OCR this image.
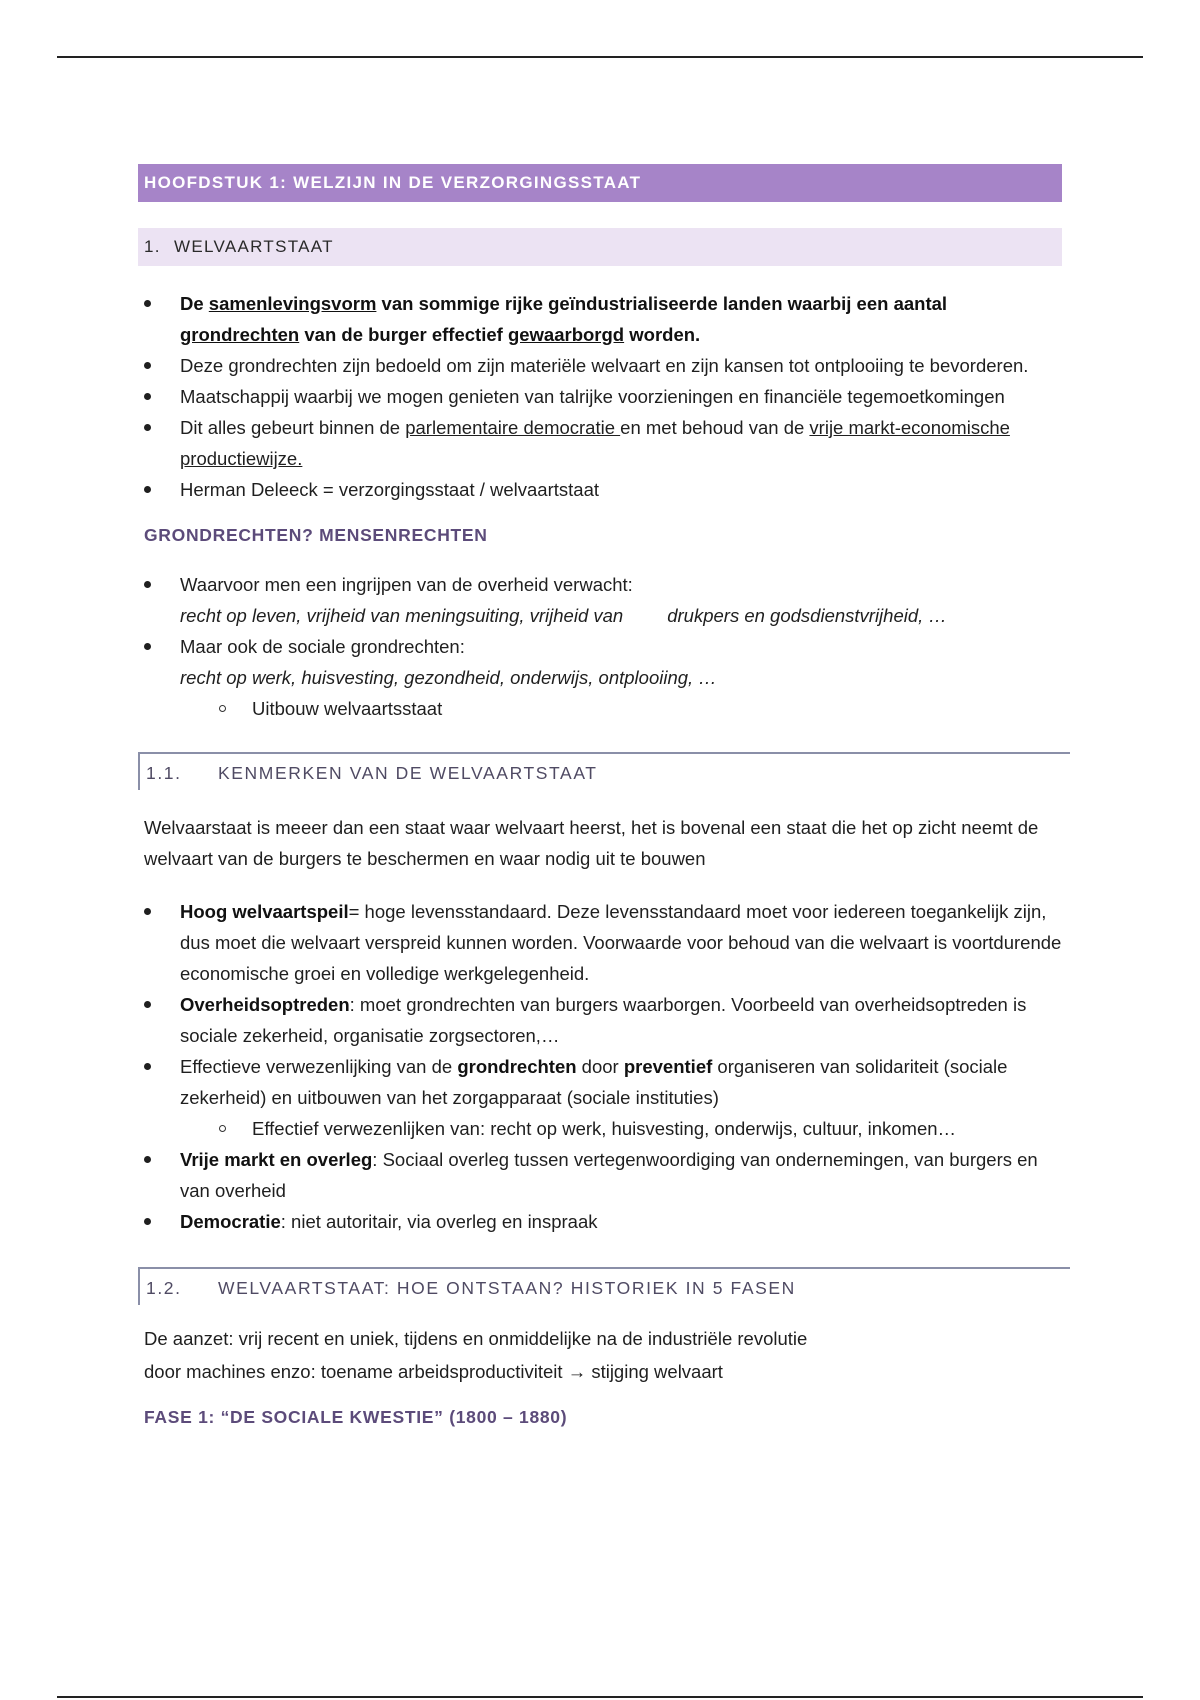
HOOFDSTUK 1: WELZIJN IN DE VERZORGINGSSTAAT
1. WELVAARTSTAAT
De samenlevingsvorm van sommige rijke geïndustrialiseerde landen waarbij een aantal grondrechten van de burger effectief gewaarborgd worden.
Deze grondrechten zijn bedoeld om zijn materiële welvaart en zijn kansen tot ontplooiing te bevorderen.
Maatschappij waarbij we mogen genieten van talrijke voorzieningen en financiële tegemoetkomingen
Dit alles gebeurt binnen de parlementaire democratie en met behoud van de vrije markt-economische productiewijze.
Herman Deleeck = verzorgingsstaat / welvaartstaat
GRONDRECHTEN? MENSENRECHTEN
Waarvoor men een ingrijpen van de overheid verwacht:
recht op leven, vrijheid van meningsuiting, vrijheid van drukpers en godsdienstvrijheid, …
Maar ook de sociale grondrechten:
recht op werk, huisvesting, gezondheid, onderwijs, ontplooiing, …
Uitbouw welvaartsstaat
1.1. KENMERKEN VAN DE WELVAARTSTAAT

Welvaarstaat is meeer dan een staat waar welvaart heerst, het is bovenal een staat die het op zicht neemt de welvaart van de burgers te beschermen en waar nodig uit te bouwen

Hoog welvaartspeil= hoge levensstandaard. Deze levensstandaard moet voor iedereen toegankelijk zijn, dus moet die welvaart verspreid kunnen worden. Voorwaarde voor behoud van die welvaart is voortdurende economische groei en volledige werkgelegenheid.
Overheidsoptreden: moet grondrechten van burgers waarborgen. Voorbeeld van overheidsoptreden is sociale zekerheid, organisatie zorgsectoren,…
Effectieve verwezenlijking van de grondrechten door preventief organiseren van solidariteit (sociale zekerheid) en uitbouwen van het zorgapparaat (sociale instituties)
Effectief verwezenlijken van: recht op werk, huisvesting, onderwijs, cultuur, inkomen…
Vrije markt en overleg: Sociaal overleg tussen vertegenwoordiging van ondernemingen, van burgers en van overheid
Democratie: niet autoritair, via overleg en inspraak
1.2. WELVAARTSTAAT: HOE ONTSTAAN? HISTORIEK IN 5 FASEN

De aanzet: vrij recent en uniek, tijdens en onmiddelijke na de industriële revolutie

door machines enzo: toename arbeidsproductiviteit → stijging welvaart

FASE 1: “DE SOCIALE KWESTIE” (1800 – 1880)
